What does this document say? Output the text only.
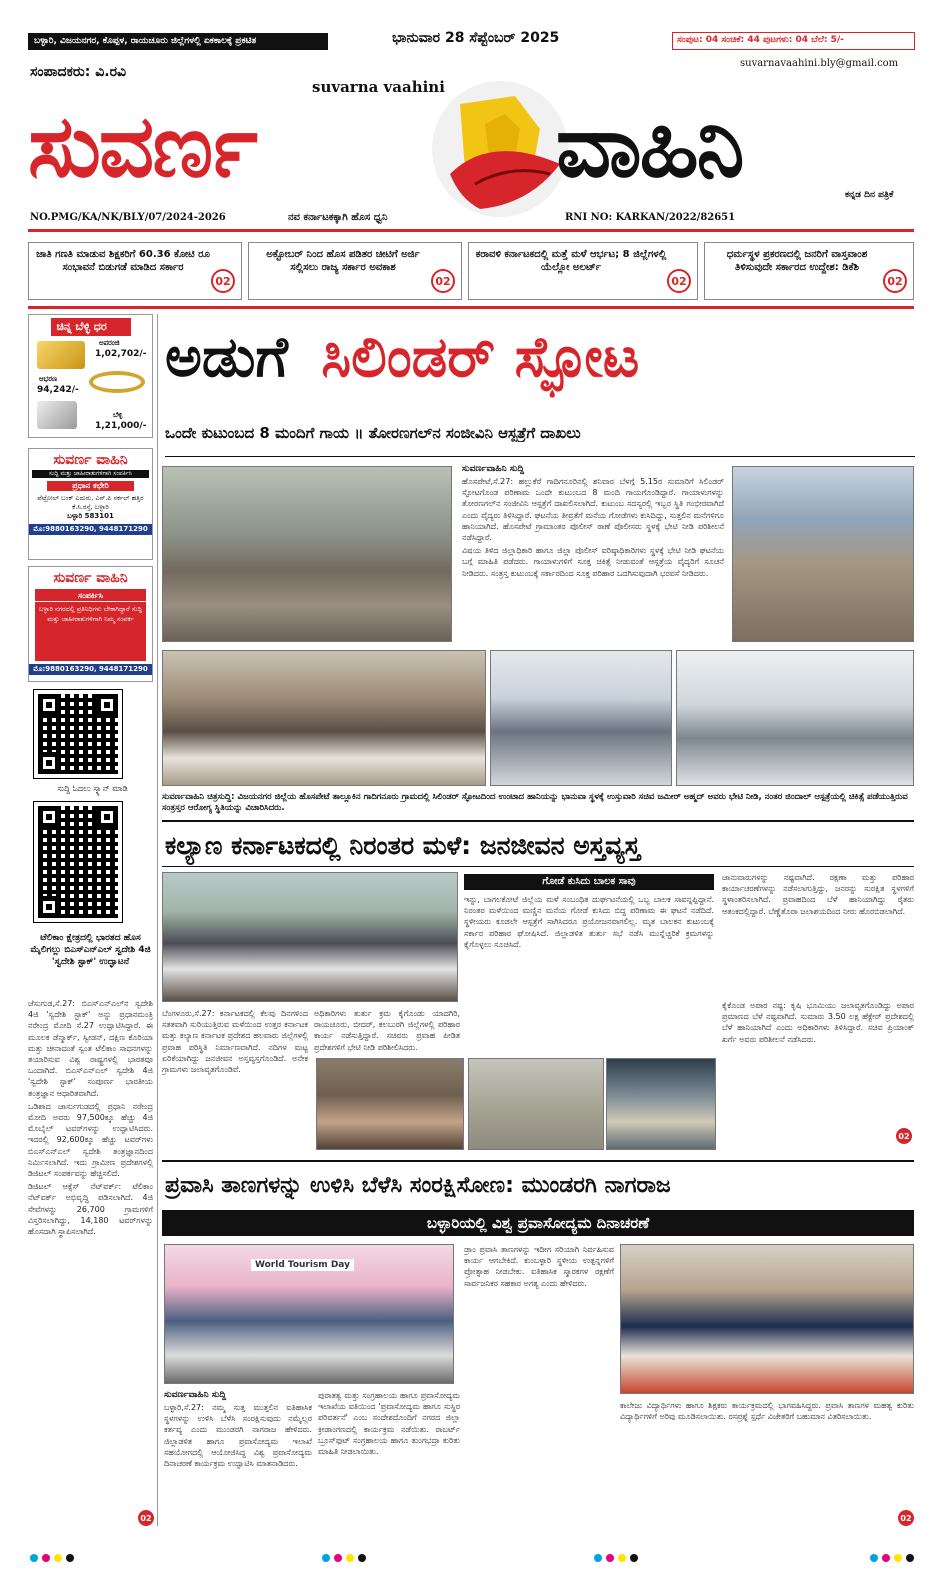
ಬಳ್ಳಾರಿ, ವಿಜಯನಗರ, ಕೊಪ್ಪಳ, ರಾಯಚೂರು ಜಿಲ್ಲೆಗಳಲ್ಲಿ ಏಕಕಾಲಕ್ಕೆ ಪ್ರಕಟಿತ	ಭಾನುವಾರ 28 ಸೆಪ್ಟೆಂಬರ್ 2025	ಸಂಪುಟ: 04 ಸಂಚಿಕೆ: 44 ಪುಟಗಳು: 04 ಬೆಲೆ: 5/-
suvarnavaahini.bly@gmail.com
ಸಂಪಾದಕರು: ವಿ.ರವಿ
suvarna vaahini
ಸುವರ್ಣ	ವಾಹಿನಿ	ಕನ್ನಡ ದಿನ ಪತ್ರಿಕೆ
NO.PMG/KA/NK/BLY/07/2024-2026	ನವ ಕರ್ನಾಟಕಕ್ಕಾಗಿ ಹೊಸ ಧ್ವನಿ	RNI NO: KARKAN/2022/82651
ಜಾತಿ ಗಣತಿ ಮಾಡುವ ಶಿಕ್ಷಕರಿಗೆ 60.36 ಕೋಟಿ ರೂ ಸಂಭಾವನೆ ಬಿಡುಗಡೆ ಮಾಡಿದ ಸರ್ಕಾರ
02
ಅಕ್ಟೋಬರ್ ನಿಂದ ಹೊಸ ಪಡಿತರ ಚೀಟಿಗೆ ಅರ್ಜಿ ಸಲ್ಲಿಸಲು ರಾಜ್ಯ ಸರ್ಕಾರ ಅವಕಾಶ
02
ಕರಾವಳಿ ಕರ್ನಾಟಕದಲ್ಲಿ ಮತ್ತೆ ಮಳೆ ಆರ್ಭಟ; 8 ಜಿಲ್ಲೆಗಳಲ್ಲಿ ಯೆಲ್ಲೋ ಅಲರ್ಟ್
02
ಧರ್ಮಸ್ಥಳ ಪ್ರಕರಣದಲ್ಲಿ ಜನರಿಗೆ ವಾಸ್ತವಾಂಶ ತಿಳಿಸುವುದೇ ಸರ್ಕಾರದ ಉದ್ದೇಶ: ಡಿಕೆಶಿ
02
ಚಿನ್ನ ಬೆಳ್ಳಿ ಧರ
ಅಪರಂಜಿ
1,02,702/-
ಆಭರಣ
94,242/-
ಬೆಳ್ಳಿ
1,21,000/-
ಸುವರ್ಣ ವಾಹಿನಿ
ಸುದ್ದಿ ಮತ್ತು ಜಾಹೀರಾತುಗಳಿಗಾಗಿ ಸಂಪರ್ಕಿಸಿ
ಪ್ರಧಾನ ಕಛೇರಿ
ಪೆಟ್ರೋಲ್ ಬಂಕ್ ಎದುರು, ಎಸ್.ಪಿ ಸರ್ಕಲ್ ಹತ್ತಿರ ಕೆ.ಸಿ.ರಸ್ತೆ, ಬಳ್ಳಾರಿ
ಬಳ್ಳಾರಿ 583101
ಮೊ:9880163290, 9448171290
ಸುವರ್ಣ ವಾಹಿನಿ
ಸಂಪರ್ಕಿಸಿ
ಬಳ್ಳಾರಿ ನಗರದಲ್ಲಿ ಪ್ರತಿನಿಧಿಗಳು ಬೇಕಾಗಿದ್ದಾರೆ ಸುದ್ದಿ ಮತ್ತು ಜಾಹೀರಾತುಗಳಿಗಾಗಿ ನಿಮ್ಮ ಸಂಪರ್ಕ
ಮೊ:9880163290, 9448171290
ಸುದ್ದಿ ಓದಲು ಸ್ಕ್ಯಾನ್ ಮಾಡಿ
ಟೆಲಿಕಾಂ ಕ್ಷೇತ್ರದಲ್ಲಿ ಭಾರತದ ಹೊಸ ಮೈಲಿಗಲ್ಲು ಬಿಎಸ್‌ಎನ್‌ಎಲ್ ಸ್ವದೇಶಿ 4ಜಿ 'ಸ್ವದೇಶಿ ಸ್ಟಾಕ್' ಉದ್ಘಾಟನೆ

ಜೆಸುಗುಡ,ಸೆ.27: ಬಿಎಸ್‌ಎನ್‌ಎಲ್‌ನ ಸ್ವದೇಶಿ 4ಜಿ 'ಸ್ವದೇಶಿ ಸ್ಟಾಕ್' ಅನ್ನು ಪ್ರಧಾನಮಂತ್ರಿ ನರೇಂದ್ರ ಮೋದಿ ಸೆ.27 ಉದ್ಘಾಟಿಸಿದ್ದಾರೆ. ಈ ಮೂಲಕ ಡೆನ್ಮಾರ್ಕ್, ಸ್ವೀಡನ್, ದಕ್ಷಿಣ ಕೊರಿಯಾ ಮತ್ತು ಚೀನಾದಂತೆ ಸ್ವಂತ ಟೆಲಿಕಾಂ ಸಾಧನಗಳನ್ನು ತಯಾರಿಸುವ ವಿಶ್ವ ರಾಷ್ಟ್ರಗಳಲ್ಲಿ ಭಾರತವೂ ಒಂದಾಗಿದೆ. ಬಿಎಸ್‌ಎನ್‌ಎಲ್ ಸ್ವದೇಶಿ 4ಜಿ 'ಸ್ವದೇಶಿ ಸ್ಟಾಕ್' ಸಂಪೂರ್ಣ ಭಾರತೀಯ ತಂತ್ರಜ್ಞಾನ ಆಧಾರಿತವಾಗಿದೆ.

ಒಡಿಶಾದ ಜಾರ್ಸುಗುಡದಲ್ಲಿ ಪ್ರಧಾನಿ ನರೇಂದ್ರ ಮೋದಿ ಅವರು 97,500ಕ್ಕೂ ಹೆಚ್ಚು 4ಜಿ ಮೊಬೈಲ್ ಟವರ್‌ಗಳನ್ನು ಉದ್ಘಾಟಿಸಿದರು. ಇದರಲ್ಲಿ 92,600ಕ್ಕೂ ಹೆಚ್ಚು ಟವರ್‌ಗಳು ಬಿಎಸ್‌ಎನ್‌ಎಲ್ ಸ್ವದೇಶಿ ತಂತ್ರಜ್ಞಾನದಿಂದ ನಿರ್ಮಿಸಲಾಗಿದೆ. ಇದು ಗ್ರಾಮೀಣ ಪ್ರದೇಶಗಳಲ್ಲಿ ಡಿಜಿಟಲ್ ಸಂಪರ್ಕವನ್ನು ಹೆಚ್ಚಿಸಲಿದೆ.

ಡಿಜಿಟಲ್ ಆಕ್ಸೆಸ್ ನೆಟ್‌ವರ್ಕ್: ಟೆಲಿಕಾಂ ನೆಟ್‌ವರ್ಕ್ ಅಭಿವೃದ್ಧಿ ಪಡಿಸಲಾಗಿದೆ. 4ಜಿ ಸೇವೆಗಳನ್ನು 26,700 ಗ್ರಾಮಗಳಿಗೆ ವಿಸ್ತರಿಸಲಾಗಿದ್ದು, 14,180 ಟವರ್‌ಗಳನ್ನು ಹೊಸದಾಗಿ ಸ್ಥಾಪಿಸಲಾಗಿದೆ.

02
ಅಡುಗೆ ಸಿಲಿಂಡರ್ ಸ್ಫೋಟ
ಒಂದೇ ಕುಟುಂಬದ 8 ಮಂದಿಗೆ ಗಾಯ ॥ ತೋರಣಗಲ್‌ನ ಸಂಜೀವಿನಿ ಆಸ್ಪತ್ರೆಗೆ ದಾಖಲು
ಸುವರ್ಣವಾಹಿನಿ ಸುದ್ದಿ

ಹೊಸಪೇಟೆ,ಸೆ.27: ಹಲ್ಲುಕೆರೆ ಗಾದಿಗನೂರಿನಲ್ಲಿ ಶನಿವಾರ ಬೆಳಗ್ಗೆ 5.15ರ ಸುಮಾರಿಗೆ ಸಿಲಿಂಡರ್ ಸ್ಫೋಟಗೊಂಡ ಪರಿಣಾಮ ಒಂದೇ ಕುಟುಂಬದ 8 ಮಂದಿ ಗಾಯಗೊಂಡಿದ್ದಾರೆ. ಗಾಯಾಳುಗಳನ್ನು ತೋರಣಗಲ್‌ನ ಸಂಜೀವಿನಿ ಆಸ್ಪತ್ರೆಗೆ ದಾಖಲಿಸಲಾಗಿದೆ. ಕುಟುಂಬ ಸದಸ್ಯರಲ್ಲಿ ಇಬ್ಬರ ಸ್ಥಿತಿ ಗಂಭೀರವಾಗಿದೆ ಎಂದು ವೈದ್ಯರು ತಿಳಿಸಿದ್ದಾರೆ. ಘಟನೆಯ ತೀವ್ರತೆಗೆ ಮನೆಯ ಗೋಡೆಗಳು ಕುಸಿದಿದ್ದು, ಸುತ್ತಲಿನ ಮನೆಗಳಿಗೂ ಹಾನಿಯಾಗಿದೆ. ಹೊಸಪೇಟೆ ಗ್ರಾಮಾಂತರ ಪೊಲೀಸ್ ಠಾಣೆ ಪೊಲೀಸರು ಸ್ಥಳಕ್ಕೆ ಭೇಟಿ ನೀಡಿ ಪರಿಶೀಲನೆ ನಡೆಸಿದ್ದಾರೆ.

ವಿಷಯ ತಿಳಿದ ಜಿಲ್ಲಾಧಿಕಾರಿ ಹಾಗೂ ಜಿಲ್ಲಾ ಪೊಲೀಸ್ ವರಿಷ್ಠಾಧಿಕಾರಿಗಳು ಸ್ಥಳಕ್ಕೆ ಭೇಟಿ ನೀಡಿ ಘಟನೆಯ ಬಗ್ಗೆ ಮಾಹಿತಿ ಪಡೆದರು. ಗಾಯಾಳುಗಳಿಗೆ ಸೂಕ್ತ ಚಿಕಿತ್ಸೆ ನೀಡುವಂತೆ ಆಸ್ಪತ್ರೆಯ ವೈದ್ಯರಿಗೆ ಸೂಚನೆ ನೀಡಿದರು. ಸಂತ್ರಸ್ತ ಕುಟುಂಬಕ್ಕೆ ಸರ್ಕಾರದಿಂದ ಸೂಕ್ತ ಪರಿಹಾರ ಒದಗಿಸುವುದಾಗಿ ಭರವಸೆ ನೀಡಿದರು.

ಸುವರ್ಣವಾಹಿನಿ ಚಿತ್ರಸುದ್ದಿ: ವಿಜಯನಗರ ಜಿಲ್ಲೆಯ ಹೊಸಪೇಟೆ ತಾಲ್ಲೂಕಿನ ಗಾದಿಗನೂರು ಗ್ರಾಮದಲ್ಲಿ ಸಿಲಿಂಡರ್ ಸ್ಫೋಟದಿಂದ ಉಂಟಾದ ಹಾನಿಯನ್ನು ಭಾನುವಾ ಸ್ಥಳಕ್ಕೆ ಉಸ್ತುವಾರಿ ಸಚಿವ ಜಮೀರ್ ಅಹ್ಮದ್ ಅವರು ಭೇಟಿ ನೀಡಿ, ನಂತರ ಜಿಂದಾಲ್ ಆಸ್ಪತ್ರೆಯಲ್ಲಿ ಚಿಕಿತ್ಸೆ ಪಡೆಯುತ್ತಿರುವ ಸಂತ್ರಸ್ತರ ಆರೋಗ್ಯ ಸ್ಥಿತಿಯನ್ನು ವಿಚಾರಿಸಿದರು.
ಕಲ್ಯಾಣ ಕರ್ನಾಟಕದಲ್ಲಿ ನಿರಂತರ ಮಳೆ: ಜನಜೀವನ ಅಸ್ತವ್ಯಸ್ತ

ಬೆಂಗಳೂರು,ಸೆ.27: ಕರ್ನಾಟಕದಲ್ಲಿ ಕೆಲವು ದಿನಗಳಿಂದ ಸತತವಾಗಿ ಸುರಿಯುತ್ತಿರುವ ಮಳೆಯಿಂದ ಉತ್ತರ ಕರ್ನಾಟಕ ಮತ್ತು ಕಲ್ಯಾಣ ಕರ್ನಾಟಕ ಪ್ರದೇಶದ ಹಲವಾರು ಜಿಲ್ಲೆಗಳಲ್ಲಿ ಪ್ರವಾಹ ಪರಿಸ್ಥಿತಿ ನಿರ್ಮಾಣವಾಗಿದೆ. ನದಿಗಳ ಮಟ್ಟ ಏರಿಕೆಯಾಗಿದ್ದು ಜನಜೀವನ ಅಸ್ತವ್ಯಸ್ತಗೊಂಡಿದೆ. ಅನೇಕ ಗ್ರಾಮಗಳು ಜಲಾವೃತಗೊಂಡಿವೆ.

ಅಧಿಕಾರಿಗಳು ತುರ್ತು ಕ್ರಮ ಕೈಗೊಂಡು ಯಾದಗಿರಿ, ರಾಯಚೂರು, ಬೀದರ್, ಕಲಬುರಗಿ ಜಿಲ್ಲೆಗಳಲ್ಲಿ ಪರಿಹಾರ ಕಾರ್ಯ ನಡೆಸುತ್ತಿದ್ದಾರೆ. ಸಚಿವರು ಪ್ರವಾಹ ಪೀಡಿತ ಪ್ರದೇಶಗಳಿಗೆ ಭೇಟಿ ನೀಡಿ ಪರಿಶೀಲಿಸಿದರು.

ಗೋಡೆ ಕುಸಿದು ಬಾಲಕ ಸಾವು

ಇನ್ನು, ಬಾಗಲಕೋಟೆ ಜಿಲ್ಲೆಯ ಮಳೆ ಸಂಬಂಧಿತ ದುರ್ಘಟನೆಯಲ್ಲಿ ಒಬ್ಬ ಬಾಲಕ ಸಾವನ್ನಪ್ಪಿದ್ದಾನೆ. ನಿರಂತರ ಮಳೆಯಿಂದ ಮಣ್ಣಿನ ಮನೆಯ ಗೋಡೆ ಕುಸಿದು ಬಿದ್ದ ಪರಿಣಾಮ ಈ ಘಟನೆ ನಡೆದಿದೆ. ಸ್ಥಳೀಯರು ಕೂಡಲೇ ಆಸ್ಪತ್ರೆಗೆ ಸಾಗಿಸಿದರೂ ಪ್ರಯೋಜನವಾಗಲಿಲ್ಲ. ಮೃತ ಬಾಲಕನ ಕುಟುಂಬಕ್ಕೆ ಸರ್ಕಾರ ಪರಿಹಾರ ಘೋಷಿಸಿದೆ. ಜಿಲ್ಲಾಡಳಿತ ತುರ್ತು ಸಭೆ ನಡೆಸಿ ಮುನ್ನೆಚ್ಚರಿಕೆ ಕ್ರಮಗಳನ್ನು ಕೈಗೊಳ್ಳಲು ಸೂಚಿಸಿದೆ.

ಜಾನುವಾರುಗಳನ್ನು ನಷ್ಟವಾಗಿದೆ. ರಕ್ಷಣಾ ಮತ್ತು ಪರಿಹಾರ ಕಾರ್ಯಾಚರಣೆಗಳನ್ನು ನಡೆಸಲಾಗುತ್ತಿದ್ದು, ಜನರನ್ನು ಸುರಕ್ಷಿತ ಸ್ಥಳಗಳಿಗೆ ಸ್ಥಳಾಂತರಿಸಲಾಗಿದೆ. ಪ್ರವಾಹದಿಂದ ಬೆಳೆ ಹಾನಿಯಾಗಿದ್ದು ರೈತರು ಆತಂಕದಲ್ಲಿದ್ದಾರೆ. ಬೆಣ್ಣೆತೊರಾ ಜಲಾಶಯದಿಂದ ನೀರು ಹೊರಬಿಡಲಾಗಿದೆ.

ಕೈಕೊಂಡ ಅಪಾರ ನಷ್ಟ: ಕೃಷಿ ಭೂಮಿಯು ಜಲಾವೃತಗೊಂಡಿದ್ದು ಅಪಾರ ಪ್ರಮಾಣದ ಬೆಳೆ ನಷ್ಟವಾಗಿದೆ. ಸುಮಾರು 3.50 ಲಕ್ಷ ಹೆಕ್ಟೇರ್ ಪ್ರದೇಶದಲ್ಲಿ ಬೆಳೆ ಹಾನಿಯಾಗಿದೆ ಎಂದು ಅಧಿಕಾರಿಗಳು ತಿಳಿಸಿದ್ದಾರೆ. ಸಚಿವ ಪ್ರಿಯಾಂಕ್ ಖರ್ಗೆ ಅವರು ಪರಿಶೀಲನೆ ನಡೆಸಿದರು.

02
ಪ್ರವಾಸಿ ತಾಣಗಳನ್ನು ಉಳಿಸಿ ಬೆಳೆಸಿ ಸಂರಕ್ಷಿಸೋಣ: ಮುಂಡರಗಿ ನಾಗರಾಜ
ಬಳ್ಳಾರಿಯಲ್ಲಿ ವಿಶ್ವ ಪ್ರವಾಸೋದ್ಯಮ ದಿನಾಚರಣೆ
World Tourism Day
ಸುವರ್ಣವಾಹಿನಿ ಸುದ್ದಿ

ಬಳ್ಳಾರಿ,ಸೆ.27: ನಮ್ಮ ಸುತ್ತ ಮುತ್ತಲಿನ ಐತಿಹಾಸಿಕ ಸ್ಥಳಗಳನ್ನು ಉಳಿಸಿ ಬೆಳೆಸಿ ಸಂರಕ್ಷಿಸುವುದು ನಮ್ಮೆಲ್ಲರ ಕರ್ತವ್ಯ ಎಂದು ಮುಂಡರಗಿ ನಾಗರಾಜ ಹೇಳಿದರು. ಜಿಲ್ಲಾಡಳಿತ ಹಾಗೂ ಪ್ರವಾಸೋದ್ಯಮ ಇಲಾಖೆ ಸಹಯೋಗದಲ್ಲಿ ಆಯೋಜಿಸಿದ್ದ ವಿಶ್ವ ಪ್ರವಾಸೋದ್ಯಮ ದಿನಾಚರಣೆ ಕಾರ್ಯಕ್ರಮ ಉದ್ಘಾಟಿಸಿ ಮಾತನಾಡಿದರು.

ಪುರಾತತ್ವ ಮತ್ತು ಸಂಗ್ರಹಾಲಯ ಹಾಗೂ ಪ್ರವಾಸೋದ್ಯಮ ಇಲಾಖೆಯ ವತಿಯಿಂದ 'ಪ್ರವಾಸೋದ್ಯಮ ಹಾಗೂ ಸುಸ್ಥಿರ ಪರಿವರ್ತನೆ' ಎಂಬ ಸಂದೇಶದೊಂದಿಗೆ ನಗರದ ಜಿಲ್ಲಾ ಕ್ರೀಡಾಂಗಣದಲ್ಲಿ ಕಾರ್ಯಕ್ರಮ ನಡೆಯಿತು. ರಾಬರ್ಟ್ ಬ್ರೂಸ್‌ಫುಟ್ ಸಂಗ್ರಹಾಲಯ ಹಾಗೂ ತುಂಗಭದ್ರಾ ಕುರಿತು ಮಾಹಿತಿ ನೀಡಲಾಯಿತು.

ಡ್ರಾಂ ಪ್ರವಾಸಿ ತಾಣಗಳನ್ನು ಇದೀಗ ಸರಿಯಾಗಿ ನಿರ್ವಹಿಸುವ ಕಾರ್ಯ ಆಗಬೇಕಿದೆ. ಕುಂಬಳ್ಳಾರಿ ಸ್ಥಳೀಯ ಉತ್ಪನ್ನಗಳಿಗೆ ಪ್ರೋತ್ಸಾಹ ನೀಡಬೇಕು. ಐತಿಹಾಸಿಕ ಸ್ಮಾರಕಗಳ ರಕ್ಷಣೆಗೆ ಸಾರ್ವಜನಿಕರ ಸಹಕಾರ ಅಗತ್ಯ ಎಂದು ಹೇಳಿದರು.

ಕಾಲೇಜು ವಿದ್ಯಾರ್ಥಿಗಳು ಹಾಗೂ ಶಿಕ್ಷಕರು ಕಾರ್ಯಕ್ರಮದಲ್ಲಿ ಭಾಗವಹಿಸಿದ್ದರು. ಪ್ರವಾಸಿ ತಾಣಗಳ ಮಹತ್ವ ಕುರಿತು ವಿದ್ಯಾರ್ಥಿಗಳಿಗೆ ಅರಿವು ಮೂಡಿಸಲಾಯಿತು. ರಸಪ್ರಶ್ನೆ ಸ್ಪರ್ಧೆ ವಿಜೇತರಿಗೆ ಬಹುಮಾನ ವಿತರಿಸಲಾಯಿತು.

02
